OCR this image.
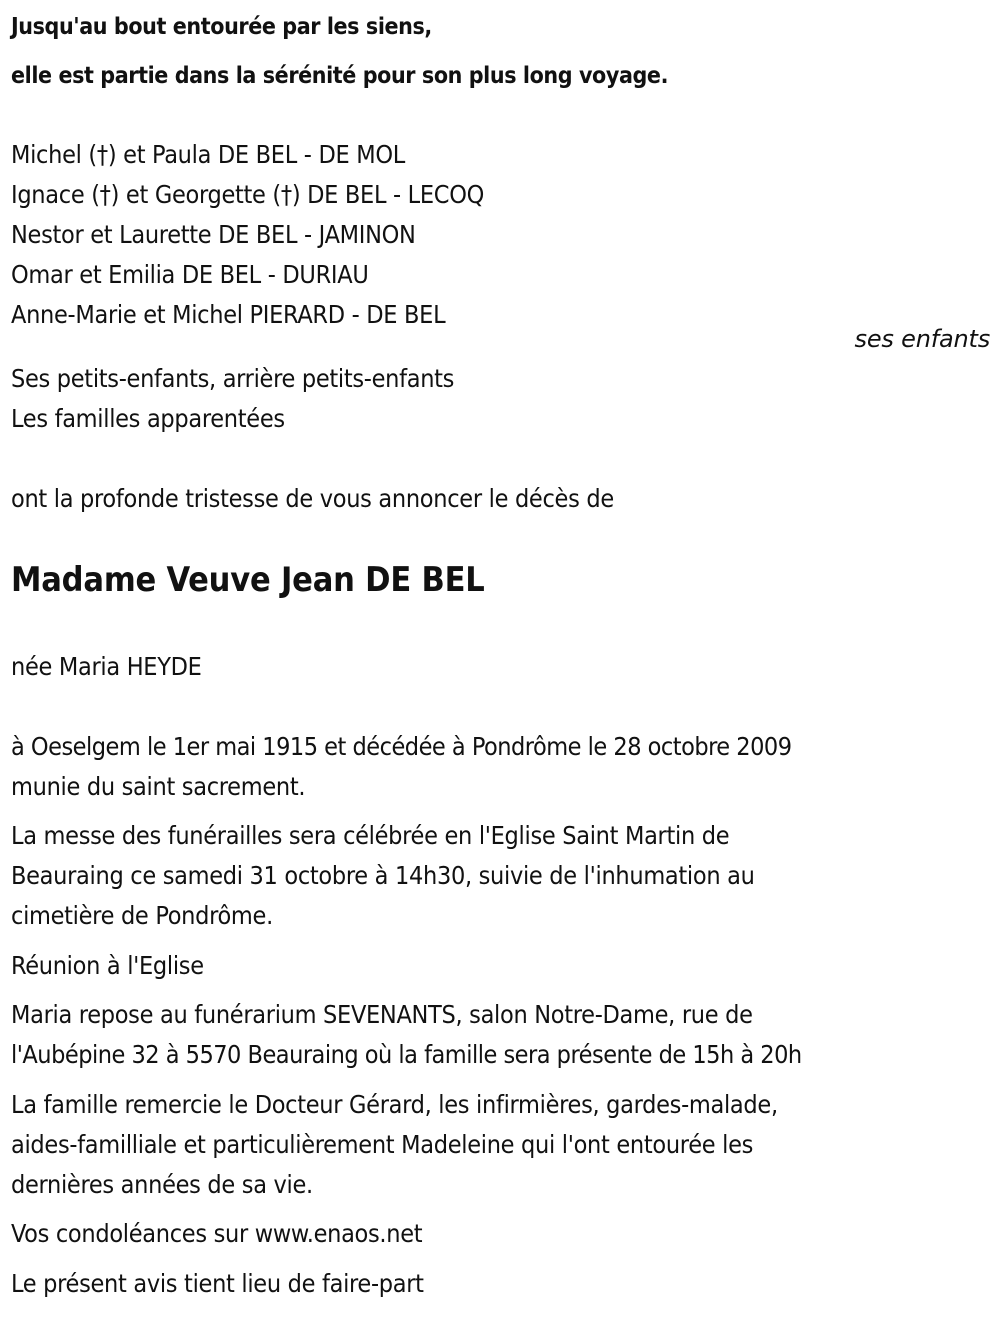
Jusqu'au bout entourée par les siens,
elle est partie dans la sérénité pour son plus long voyage.
Michel (†) et Paula DE BEL - DE MOL
Ignace (†) et Georgette (†) DE BEL - LECOQ
Nestor et Laurette DE BEL - JAMINON
Omar et Emilia DE BEL - DURIAU
Anne-Marie et Michel PIERARD - DE BEL
ses enfants
Ses petits-enfants, arrière petits-enfants
Les familles apparentées
ont la profonde tristesse de vous annoncer le décès de
Madame Veuve Jean DE BEL
née Maria HEYDE
à Oeselgem le 1er mai 1915 et décédée à Pondrôme le 28 octobre 2009
munie du saint sacrement.
La messe des funérailles sera célébrée en l'Eglise Saint Martin de
Beauraing ce samedi 31 octobre à 14h30, suivie de l'inhumation au
cimetière de Pondrôme.
Réunion à l'Eglise
Maria repose au funérarium SEVENANTS, salon Notre-Dame, rue de
l'Aubépine 32 à 5570 Beauraing où la famille sera présente de 15h à 20h
La famille remercie le Docteur Gérard, les infirmières, gardes-malade,
aides-familliale et particulièrement Madeleine qui l'ont entourée les
dernières années de sa vie.
Vos condoléances sur www.enaos.net
Le présent avis tient lieu de faire-part
